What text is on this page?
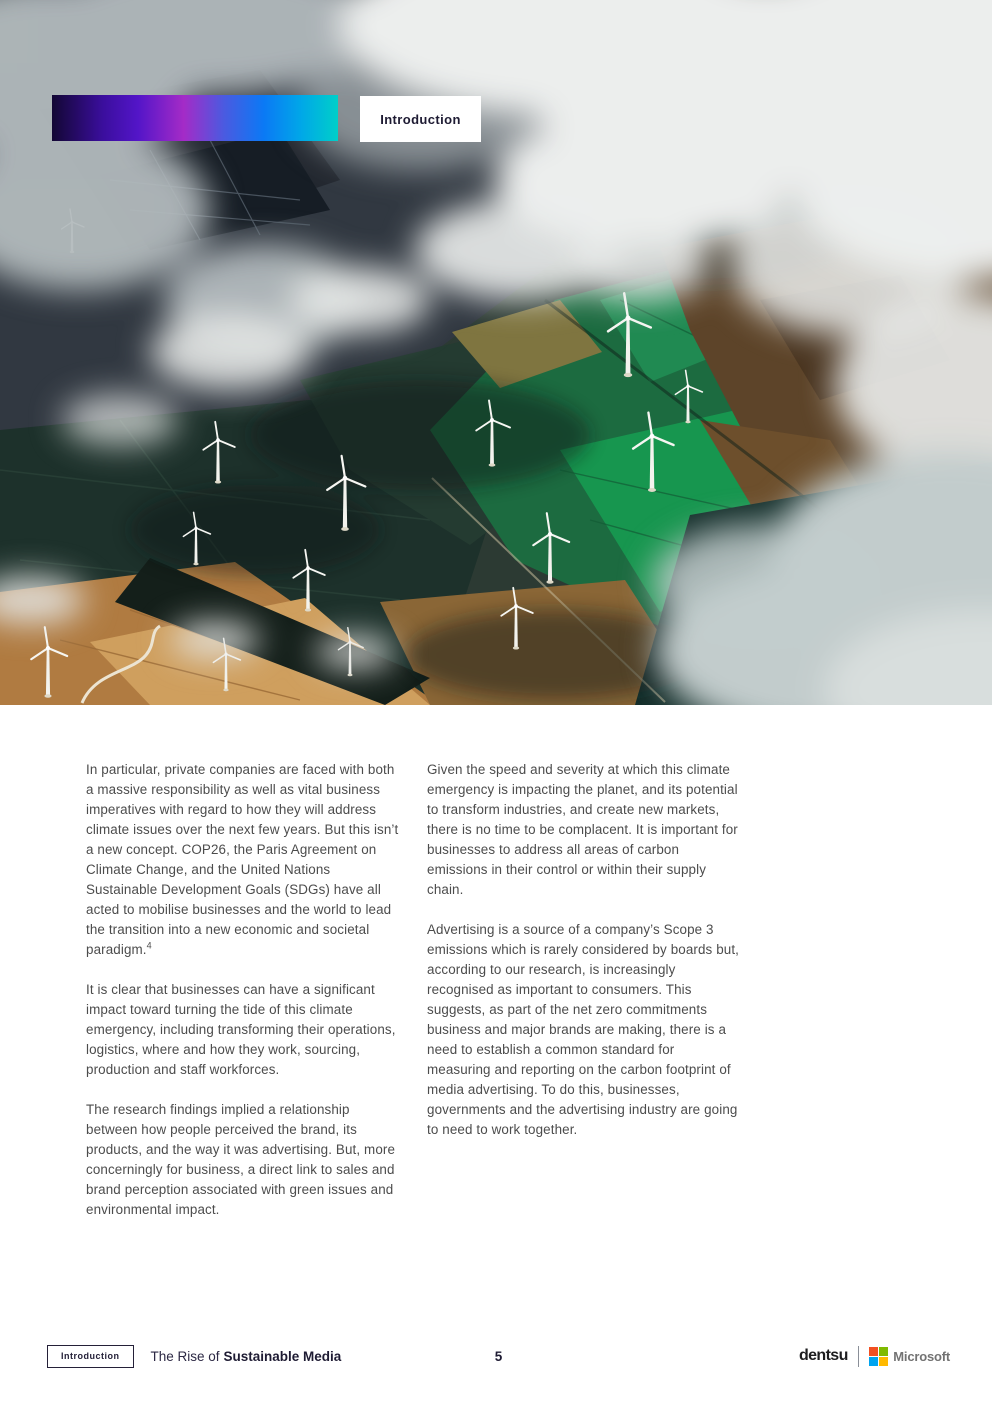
Introduction

In particular, private companies are faced with both a massive responsibility as well as vital business imperatives with regard to how they will address climate issues over the next few years. But this isn’t a new concept. COP26, the Paris Agreement on Climate Change, and the United Nations Sustainable Development Goals (SDGs) have all acted to mobilise businesses and the world to lead the transition into a new economic and societal paradigm.$^4$

It is clear that businesses can have a significant impact toward turning the tide of this climate emergency, including transforming their operations, logistics, where and how they work, sourcing, production and staff workforces.

The research findings implied a relationship between how people perceived the brand, its products, and the way it was advertising. But, more concerningly for business, a direct link to sales and brand perception associated with green issues and environmental impact.

Given the speed and severity at which this climate emergency is impacting the planet, and its potential to transform industries, and create new markets, there is no time to be complacent. It is important for businesses to address all areas of carbon emissions in their control or within their supply chain.

Advertising is a source of a company’s Scope 3 emissions which is rarely considered by boards but, according to our research, is increasingly recognised as important to consumers. This suggests, as part of the net zero commitments business and major brands are making, there is a need to establish a common standard for measuring and reporting on the carbon footprint of media advertising. To do this, businesses, governments and the advertising industry are going to need to work together.

Introduction	The Rise of Sustainable Media	5	dentsu	Microsoft
